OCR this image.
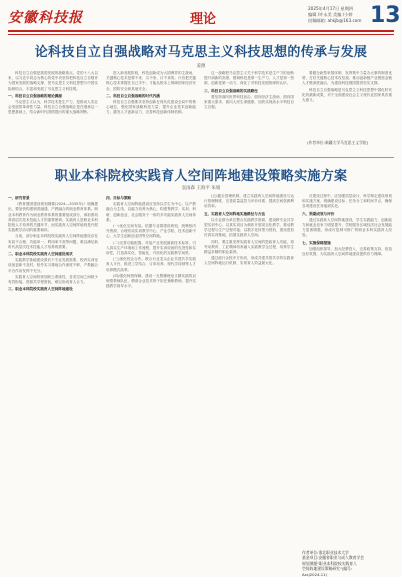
安徽科技报	理论
2025年4月17日 星期四
编辑 /许永美 美编 /小婷
投稿邮箱: ahkjb@163.com 13
论科技自立自强战略对马克思主义科技思想的传承与发展
姜源

科技自立自强是我国发展的战略基点。党的十八大以来，以习近平同志为核心的党中央坚持把科技自立自强作为国家发展的战略支撑，把马克思主义科技思想与中国实际相结合，丰富和发展了马克思主义科技观。

一、科技自立自强战略的理论渊源

马克思主义认为，科学技术是生产力，是推动人类社会发展的革命性力量。科技自立自强战略正是在继承这一思想基础上，结合新时代国情提出的重大战略判断。

进入新发展阶段，科技创新成为大国博弈的主战场，关键核心技术是要不来、买不来、讨不来的。只有把关键核心技术掌握在自己手中，才能从根本上保障国家经济安全、国防安全和其他安全。

二、科技自立自强战略的时代内涵

科技自立自强要求坚持创新在现代化建设全局中的核心地位，强化国家战略科技力量，提升企业技术创新能力，激发人才创新活力，完善科技创新体制机制。

这一战略把马克思主义关于科学技术是生产力的论断提升到新的高度，强调科技是第一生产力、人才是第一资源、创新是第一动力，深化了对科技发展规律的认识。

三、科技自立自强战略的实践路径

要坚持面向世界科技前沿、面向经济主战场、面向国家重大需求、面向人民生命健康，加快实现高水平科技自立自强。

要健全新型举国体制，发挥集中力量办大事的制度优势，打好关键核心技术攻坚战，推动创新链产业链资金链人才链深度融合，为建设科技强国提供坚实支撑。

科技自立自强战略是马克思主义科技思想中国化时代化的最新成果，对于全面建设社会主义现代化国家具有重大意义。

(作者单位:新疆大学马克思主义学院)
职业本科院校实践育人空间阵地建设策略实施方案
袁雨森 王海平 朱娟

一、研究背景

《教育强国建设规划纲要(2024—2035年)》明确提出，要加快构建职普融通、产教融合的职业教育体系。职业本科教育作为职业教育体系的重要组成部分，承担着培养高层次技术技能人才的重要使命。实践育人是职业本科院校人才培养的关键环节，而实践育人空间阵地则是开展实践教学活动的重要载体。

当前，部分职业本科院校实践育人空间阵地建设存在布局不合理、功能单一、利用率不高等问题，难以满足新时代高层次技术技能人才培养的需要。

二、职业本科院校实践育人空间建设现状

实践教学基地建设滞后于专业发展需要，校内实训室设备更新不及时，校外实习基地合作深度不够，产教融合平台作用发挥不充分。

实践育人空间的规划缺乏系统性，各类空间之间缺少有效衔接，资源共享程度低，难以形成育人合力。

三、职业本科院校实践育人空间阵地建设

四、目标与策略

实践育人空间阵地建设应坚持以学生为中心，以产教融合为主线，以能力培养为核心，构建集教学、实训、科研、创新创业、社会服务于一体的多功能实践育人空间体系。

(一)优化空间布局。依据专业群建设规划，统筹校内外资源，合理布局实训教学中心、产业学院、技术创新中心、大学生创新创业园等空间阵地。

(二)完善功能配置。对接产业发展最新技术标准，引入真实生产环境和工作流程，提升实训设备的先进性和实用性，打造真实化、智能化、开放化的实践教学场景。

(三)深化校企合作。联合行业龙头企业共建共享实践育人平台，推进工学结合、订单培养、现代学徒制等人才培养模式改革。

(四)强化师资保障。建设一支既懂理论又精实践的双师型教师队伍，聘请企业技术骨干担任兼职教师，提升实践教学指导水平。

(五)健全管理机制。建立实践育人空间阵地建设与运行管理制度，完善质量监控与评价体系，提高空间资源利用效率。

五、实践育人空间阵地实施路径与方法

以专业群为单位整合实践教学资源，建设跨专业共享型实训中心；以真实项目为载体开展项目化教学，推动教学过程与生产过程对接；以数字化转型为契机，建设虚拟仿真实训基地，拓展实践育人空间。

同时，要注重发挥实践育人空间的思政育人功能，将劳动教育、工匠精神培育融入实践教学全过程，培养学生精益求精的职业素养。

通过政行企校多方协同，形成共建共管共享的实践育人空间阵地运行机制，实现育人效益最大化。

在建设过程中，应加强顶层设计，科学制定建设规划和实施方案，明确建设目标、任务分工和时间节点，确保各项建设任务落到实处。

六、预期成效与评价

通过实践育人空间阵地建设，学生实践能力、创新能力和就业竞争力明显提升，学校服务区域经济社会发展能力显著增强，形成可复制可推广的职业本科实践育人经验。

七、实施保障措施

加强组织领导，加大经费投入，完善政策支持，营造良好氛围，为实践育人空间阵地建设提供有力保障。

作者单位:淮北职业技术大学
基金项目:安徽省职业与成人教育学会
规划课题"职业本科院校实践育人
空间阵地建设策略研究"(编号:
Azcj2024-11)
